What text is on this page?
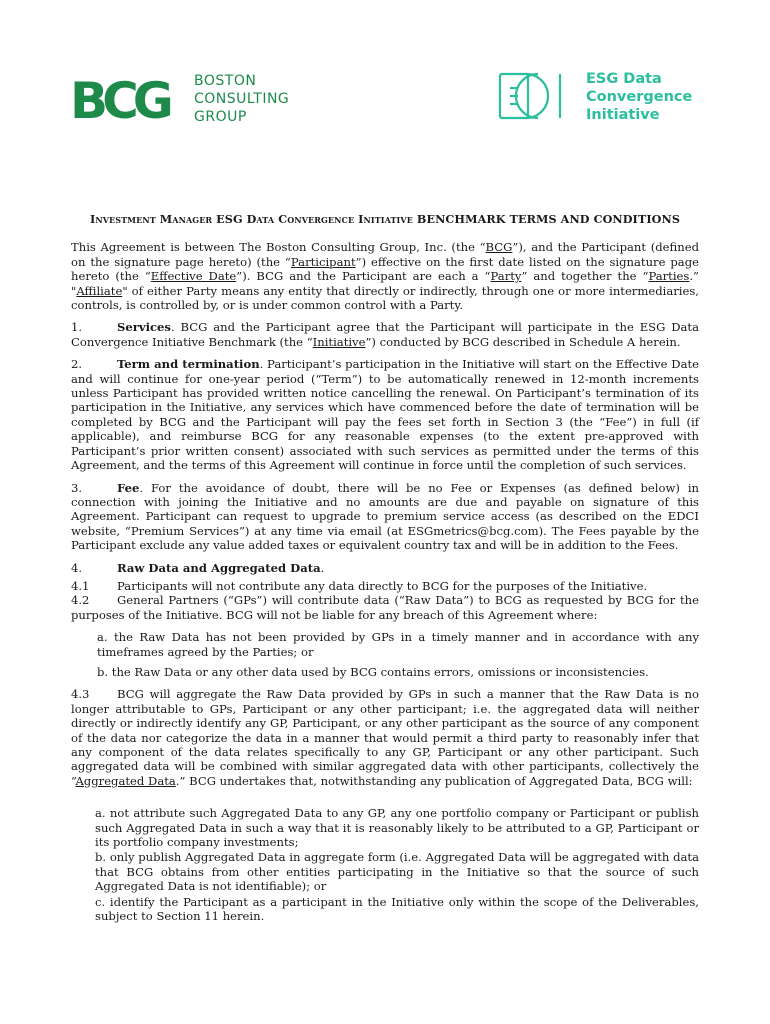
BCG BOSTON
CONSULTING
GROUP
ESG Data
Convergence
Initiative
Investment Manager ESG Data Convergence Initiative BENCHMARK TERMS AND CONDITIONS

This Agreement is between The Boston Consulting Group, Inc. (the “BCG”), and the Participant (defined on the signature page hereto) (the “Participant”) effective on the first date listed on the signature page hereto (the “Effective Date”). BCG and the Participant are each a “Party” and together the “Parties.” "Affiliate" of either Party means any entity that directly or indirectly, through one or more intermediaries, controls, is controlled by, or is under common control with a Party.

1.	Services. BCG and the Participant agree that the Participant will participate in the ESG Data Convergence Initiative Benchmark (the “Initiative”) conducted by BCG described in Schedule A herein.

2.	Term and termination. Participant’s participation in the Initiative will start on the Effective Date and will continue for one-year period (“Term”) to be automatically renewed in 12-month increments unless Participant has provided written notice cancelling the renewal. On Participant’s termination of its participation in the Initiative, any services which have commenced before the date of termination will be completed by BCG and the Participant will pay the fees set forth in Section 3 (the “Fee”) in full (if applicable), and reimburse BCG for any reasonable expenses (to the extent pre-approved with Participant’s prior written consent) associated with such services as permitted under the terms of this Agreement, and the terms of this Agreement will continue in force until the completion of such services.

3.	Fee. For the avoidance of doubt, there will be no Fee or Expenses (as defined below) in connection with joining the Initiative and no amounts are due and payable on signature of this Agreement. Participant can request to upgrade to premium service access (as described on the EDCI website, “Premium Services”) at any time via email (at ESGmetrics@bcg.com). The Fees payable by the Participant exclude any value added taxes or equivalent country tax and will be in addition to the Fees.

4.	Raw Data and Aggregated Data.

4.1 Participants will not contribute any data directly to BCG for the purposes of the Initiative.

4.2 General Partners (“GPs”) will contribute data (“Raw Data”) to BCG as requested by BCG for the purposes of the Initiative. BCG will not be liable for any breach of this Agreement where:

a. the Raw Data has not been provided by GPs in a timely manner and in accordance with any timeframes agreed by the Parties; or

b. the Raw Data or any other data used by BCG contains errors, omissions or inconsistencies.

4.3 BCG will aggregate the Raw Data provided by GPs in such a manner that the Raw Data is no longer attributable to GPs, Participant or any other participant; i.e. the aggregated data will neither directly or indirectly identify any GP, Participant, or any other participant as the source of any component of the data nor categorize the data in a manner that would permit a third party to reasonably infer that any component of the data relates specifically to any GP, Participant or any other participant. Such aggregated data will be combined with similar aggregated data with other participants, collectively the “Aggregated Data.” BCG undertakes that, notwithstanding any publication of Aggregated Data, BCG will:

a. not attribute such Aggregated Data to any GP, any one portfolio company or Participant or publish such Aggregated Data in such a way that it is reasonably likely to be attributed to a GP, Participant or its portfolio company investments;

b. only publish Aggregated Data in aggregate form (i.e. Aggregated Data will be aggregated with data that BCG obtains from other entities participating in the Initiative so that the source of such Aggregated Data is not identifiable); or

c. identify the Participant as a participant in the Initiative only within the scope of the Deliverables, subject to Section 11 herein.
